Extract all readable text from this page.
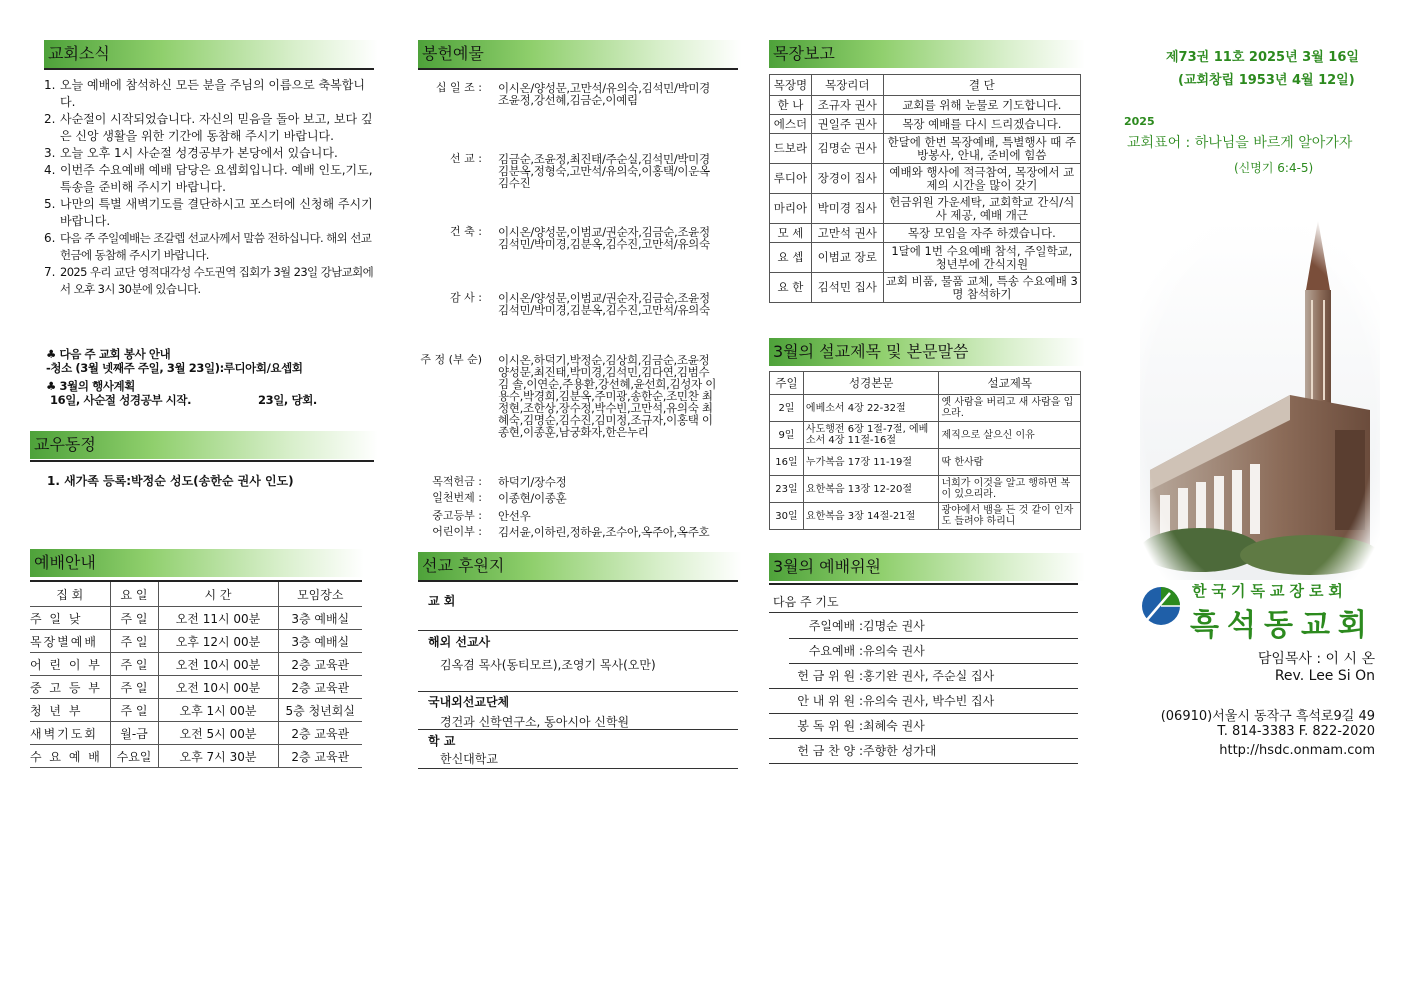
교회소식
1. 오늘 예배에 참석하신 모든 분을 주님의 이름으로 축복합니다.
2. 사순절이 시작되었습니다. 자신의 믿음을 돌아 보고, 보다 깊은 신앙 생활을 위한 기간에 동참해 주시기 바랍니다.
3. 오늘 오후 1시 사순절 성경공부가 본당에서 있습니다.
4. 이번주 수요예배 예배 담당은 요셉회입니다. 예배 인도,기도,특송을 준비해 주시기 바랍니다.
5. 나만의 특별 새벽기도를 결단하시고 포스터에 신청해 주시기 바랍니다.
6. 다음 주 주일예배는 조갈렙 선교사께서 말씀 전하십니다. 해외 선교헌금에 동참해 주시기 바랍니다.
7. 2025 우리 교단 영적대각성 수도권역 집회가 3월 23일 강남교회에서 오후 3시 30분에 있습니다.
♣ 다음 주 교회 봉사 안내
-청소 (3월 넷째주 주일, 3월 23일):루디아회/요셉회
♣ 3월의 행사계획
16일, 사순절 성경공부 시작.	23일, 당회.
교우동정
1. 새가족 등록:박정순 성도(송한순 권사 인도)
예배안내
집 회	요 일	시 간	모임장소
주 일 낮	주 일	오전 11시 00분	3층 예배실
목장별예배	주 일	오후 12시 00분	3층 예배실
어 린 이 부	주 일	오전 10시 00분	2층 교육관
중 고 등 부	주 일	오전 10시 00분	2층 교육관
청 년 부	주 일	오후 1시 00분	5층 청년회실
새벽기도회	월-금	오전 5시 00분	2층 교육관
수 요 예 배	수요일	오후 7시 30분	2층 교육관
봉헌예물
십 일 조 : 이시온/양성문,고만석/유의숙,김석민/박미경 조윤정,강선혜,김금순,이예림
선 교 : 김금순,조윤정,최진태/주순실,김석민/박미경 김분옥,정형숙,고만석/유의숙,이홍택/이운옥 김수진
건 축 : 이시온/양성문,이범교/권순자,김금순,조윤정 김석민/박미경,김분옥,김수진,고만석/유의숙
감 사 : 이시온/양성문,이범교/권순자,김금순,조윤정 김석민/박미경,김분옥,김수진,고만석/유의숙
주 정 (부 순) 이시온,하덕기,박정순,김상희,김금순,조윤정 양성문,최진태,박미경,김석민,김다연,김범수 김 솔,이연순,주용환,강선혜,윤선희,김성자 이용수,박경희,김분옥,주미광,송한순,조민찬 최정현,조한상,장수정,박수빈,고만석,유의숙 최혜숙,김명순,김수진,김미정,조규자,이홍택 이종현,이종훈,남궁화자,한은누리
목적헌금 : 하덕기/장수정
일천번제 : 이종현/이종훈
중고등부 : 안선우
어린이부 : 김서윤,이하린,정하윤,조수아,옥주아,옥주호
선교 후원지
교 회
해외 선교사
김옥겸 목사(동티모르),조영기 목사(오만)
국내외선교단체
경건과 신학연구소, 동아시아 신학원
학 교
한신대학교
목장보고
목장명	목장리더	결 단
한 나	조규자 권사	교회를 위해 눈물로 기도합니다.
에스더	권일주 권사	목장 예배를 다시 드리겠습니다.
드보라	김명순 권사	한달에 한번 목장예배, 특별행사 때 주방봉사, 안내, 준비에 힘씀
루디아	장경이 집사	예배와 행사에 적극참여, 목장에서 교제의 시간을 많이 갖기
마리아	박미경 집사	헌금위원 가운세탁, 교회학교 간식/식사 제공, 예배 개근
모 세	고만석 권사	목장 모임을 자주 하겠습니다.
요 셉	이범교 장로	1달에 1번 수요예배 참석, 주일학교, 청년부에 간식지원
요 한	김석민 집사	교회 비품, 물품 교체, 특송 수요예배 3명 참석하기
3월의 설교제목 및 본문말씀
주일	성경본문	설교제목
2일	에베소서 4장 22-32절	옛 사람을 버리고 새 사람을 입으라.
9일	사도행전 6장 1절-7절, 에베소서 4장 11절-16절	제직으로 살으신 이유
16일	누가복음 17장 11-19절	딱 한사람
23일	요한복음 13장 12-20절	너희가 이것을 알고 행하면 복이 있으리라.
30일	요한복음 3장 14절-21절	광야에서 뱀을 든 것 같이 인자도 들려야 하리니
3월의 예배위원
다음 주 기도
주일예배 :김명순 권사
수요예배 :유의숙 권사
헌 금 위 원 :홍기완 권사, 주순실 집사
안 내 위 원 :유의숙 권사, 박수빈 집사
봉 독 위 원 :최혜숙 권사
헌 금 찬 양 :주향한 성가대
제73권 11호 2025년 3월 16일
(교회창립 1953년 4월 12일)
2025
교회표어 : 하나님을 바르게 알아가자
(신명기 6:4-5)
한국기독교장로회
흑석동교회
담임목사 : 이 시 온
Rev. Lee Si On
(06910)서울시 동작구 흑석로9길 49
T. 814-3383 F. 822-2020
http://hsdc.onmam.com
